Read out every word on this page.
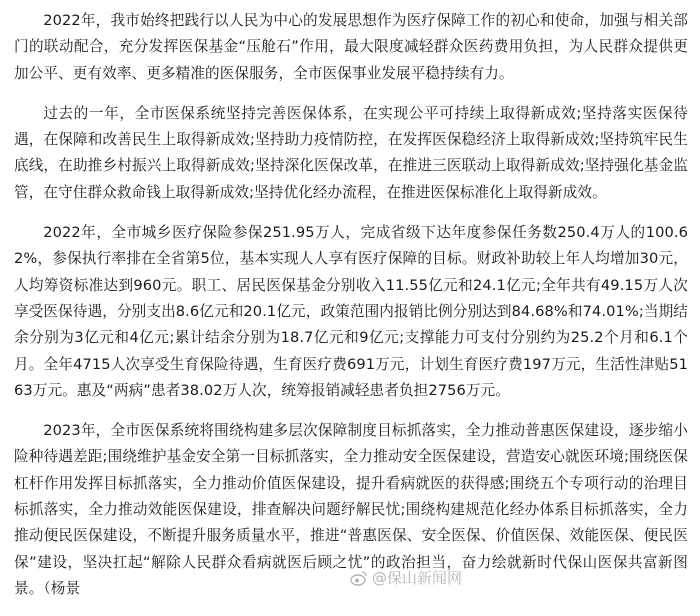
2022年，我市始终把践行以人民为中心的发展思想作为医疗保障工作的初心和使命，加强与相关部门的联动配合，充分发挥医保基金“压舱石”作用，最大限度减轻群众医药费用负担，为人民群众提供更加公平、更有效率、更多精准的医保服务，全市医保事业发展平稳持续有力。

过去的一年，全市医保系统坚持完善医保体系，在实现公平可持续上取得新成效;坚持落实医保待遇，在保障和改善民生上取得新成效;坚持助力疫情防控，在发挥医保稳经济上取得新成效;坚持筑牢民生底线，在助推乡村振兴上取得新成效;坚持深化医保改革，在推进三医联动上取得新成效;坚持强化基金监管，在守住群众救命钱上取得新成效;坚持优化经办流程，在推进医保标准化上取得新成效。

2022年，全市城乡医疗保险参保251.95万人，完成省级下达年度参保任务数250.4万人的100.62%，参保执行率排在全省第5位，基本实现人人享有医疗保障的目标。财政补助较上年人均增加30元，人均筹资标准达到960元。职工、居民医保基金分别收入11.55亿元和24.1亿元;全年共有49.15万人次享受医保待遇，分别支出8.6亿元和20.1亿元，政策范围内报销比例分别达到84.68%和74.01%;当期结余分别为3亿元和4亿元;累计结余分别为18.7亿元和9亿元;支撑能力可支付分别约为25.2个月和6.1个月。全年4715人次享受生育保险待遇，生育医疗费691万元，计划生育医疗费197万元，生活性津贴5163万元。惠及“两病”患者38.02万人次，统筹报销减轻患者负担2756万元。

2023年，全市医保系统将围绕构建多层次保障制度目标抓落实，全力推动普惠医保建设，逐步缩小险种待遇差距;围绕维护基金安全第一目标抓落实，全力推动安全医保建设，营造安心就医环境;围绕医保杠杆作用发挥目标抓落实，全力推动价值医保建设，提升看病就医的获得感;围绕五个专项行动的治理目标抓落实，全力推动效能医保建设，排查解决问题纾解民忧;围绕构建规范化经办体系目标抓落实，全力推动便民医保建设，不断提升服务质量水平，推进“普惠医保、安全医保、价值医保、效能医保、便民医保”建设，坚决扛起“解除人民群众看病就医后顾之忧”的政治担当，奋力绘就新时代保山医保共富新图景。（杨景

@保山新闻网
